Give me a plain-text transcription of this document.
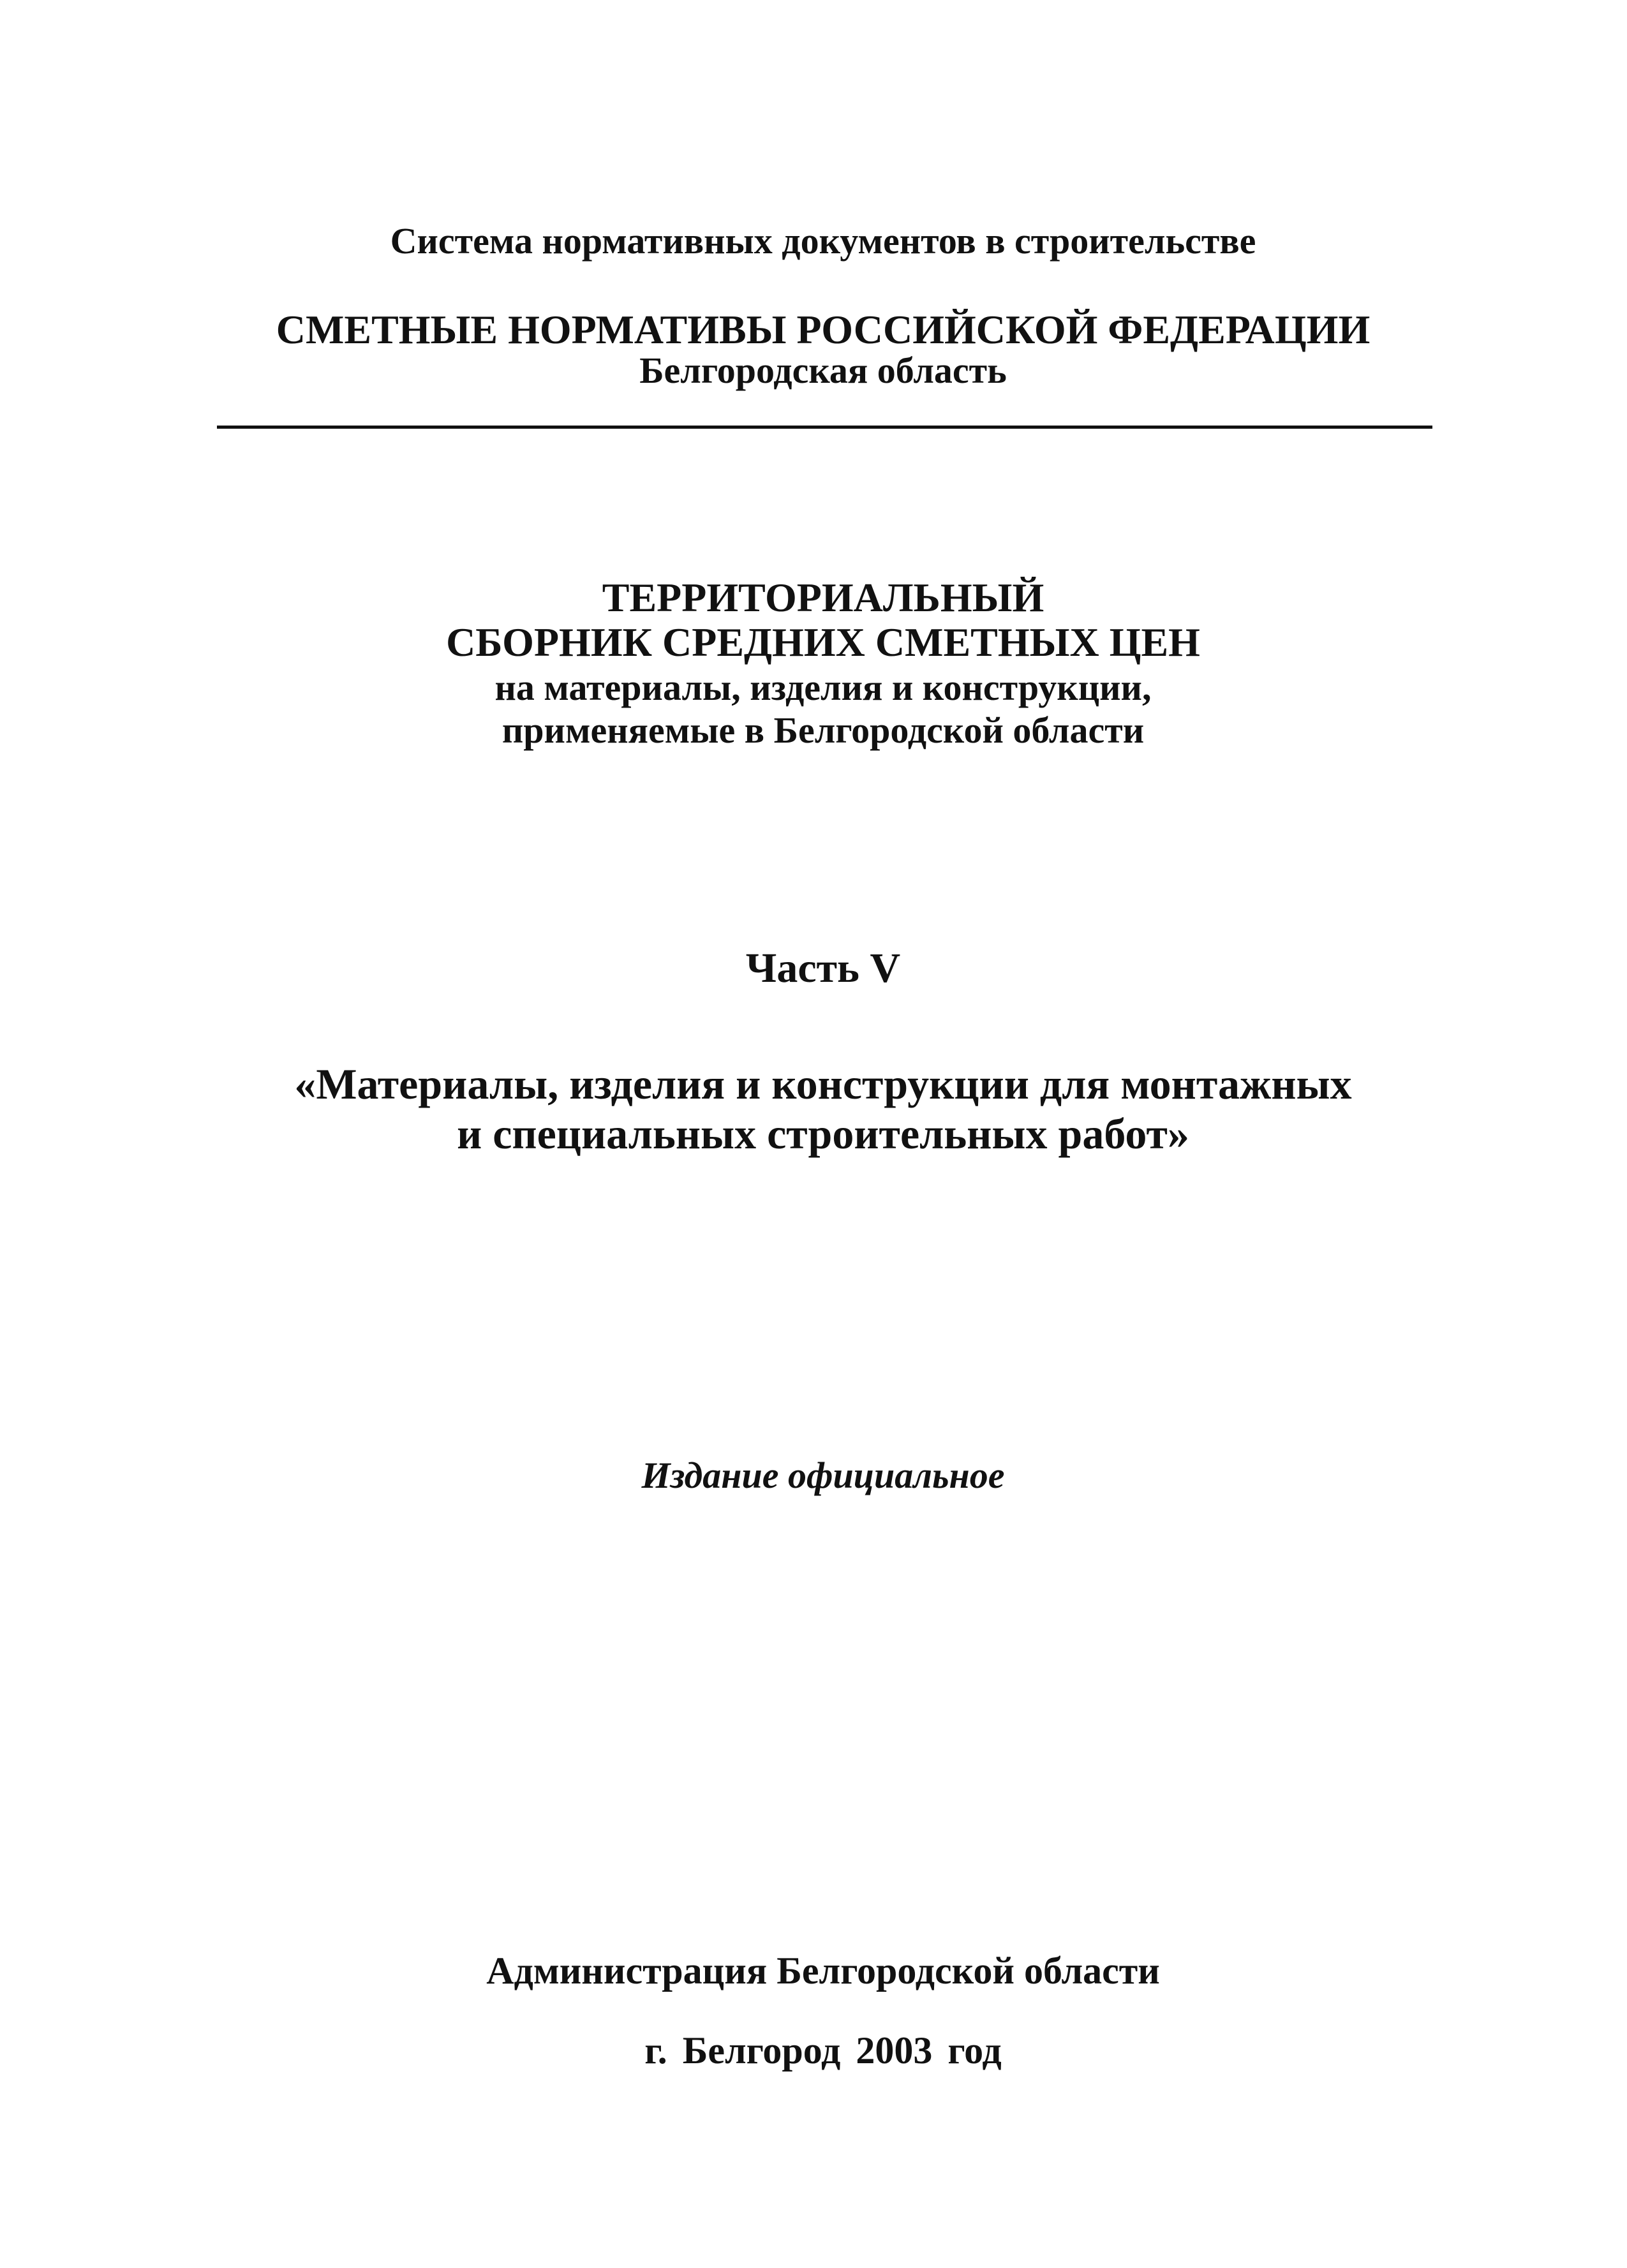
Система нормативных документов в строительстве
СМЕТНЫЕ НОРМАТИВЫ РОССИЙСКОЙ ФЕДЕРАЦИИ
Белгородская область
ТЕРРИТОРИАЛЬНЫЙ
СБОРНИК СРЕДНИХ СМЕТНЫХ ЦЕН
на материалы, изделия и конструкции,
применяемые в Белгородской области
Часть V
«Материалы, изделия и конструкции для монтажных
и специальных строительных работ»
Издание официальное
Администрация Белгородской области
г. Белгород 2003 год
